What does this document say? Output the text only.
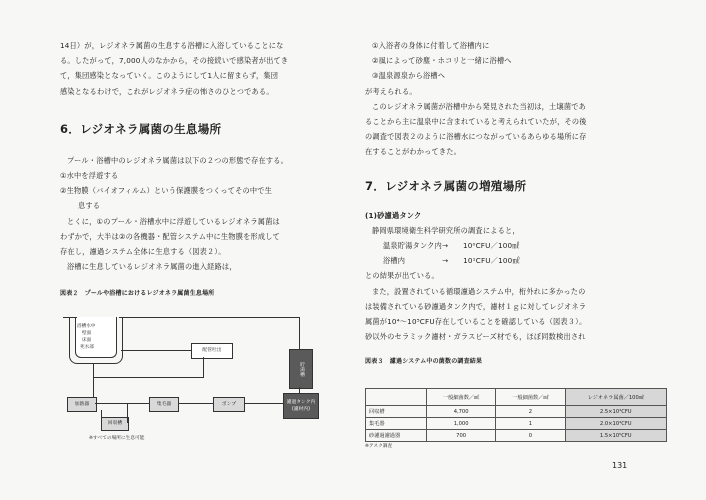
14日）が，レジオネラ属菌の生息する浴槽に入浴していることにな

る。したがって，7,000人のなかから，その接続いで感染者が出てき

て，集団感染となっていく。このようにして1人に留まらず，集団

感染となるわけで，これがレジオネラ症の怖さのひとつである。

6．レジオネラ属菌の生息場所

プール・浴槽中のレジオネラ属菌は以下の２つの形態で存在する。

①水中を浮遊する

②生物膜（バイオフィルム）という保護膜をつくってその中で生

息する

とくに，①のプール・浴槽水中に浮遊しているレジオネラ属菌は

わずかで，大半は②の各機器・配管システム中に生物膜を形成して

存在し，濾過システム全体に生息する（図表２）。

浴槽に生息しているレジオネラ属菌の進入経路は，

図表２　プールや浴槽におけるレジオネラ属菌生息場所
浴槽水中
壁面
床面
死水部
配管吐出
貯湯槽
加熱器	集毛器	ポンプ	濾過タンク内
(濾材内)
回収槽
※すべての場所に生息可能

①入浴者の身体に付着して浴槽内に

②風によって砂塵・ホコリと一緒に浴槽へ

③温泉源泉から浴槽へ

が考えられる。

このレジオネラ属菌が浴槽中から発見された当初は，土壌菌であ

ることから主に温泉中に含まれていると考えられていたが，その後

の調査で図表２のように浴槽水につながっているあらゆる場所に存

在することがわかってきた。

7．レジオネラ属菌の増殖場所

(1)砂濾過タンク

静岡県環境衛生科学研究所の調査によると，

温泉貯湯タンク内→　　10⁰CFU／100㎖

浴槽内　　　　　→　　10¹CFU／100㎖

との結果が出ている。

また，設置されている循環濾過システム中，桁外れに多かったの

は装備されている砂濾過タンク内で，濾材１ｇに対してレジオネラ

属菌が10⁴〜10⁵CFU存在していることを確認している（図表３）。

砂以外のセラミック濾材・ガラスビーズ材でも，ほぼ同数検出され

図表３　濾過システム中の菌数の調査結果
	一般細菌数／㎖	一般細菌数／㎖	レジオネラ属菌／100㎖
回収槽	4,700	2	2.5×10⁴CFU
集毛器	1,000	1	2.0×10⁴CFU
砂濾過濾過器	700	0	1.5×10⁵CFU
※アスク調査
131
